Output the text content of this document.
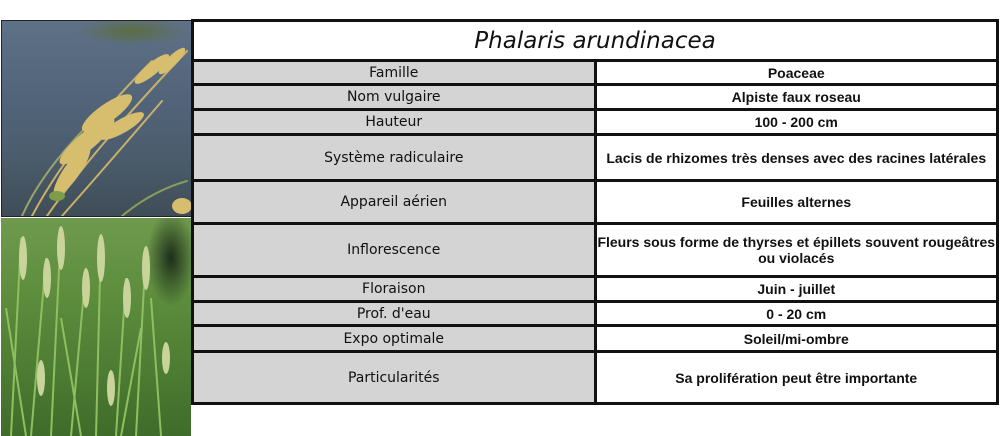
Phalaris arundinacea	
Famille	Poaceae
Nom vulgaire	Alpiste faux roseau
Hauteur	100 - 200 cm
Système radiculaire	Lacis de rhizomes très denses avec des racines latérales
Appareil aérien	Feuilles alternes
Inflorescence	Fleurs sous forme de thyrses et épillets souvent rougeâtres ou violacés
Floraison	Juin - juillet
Prof. d'eau	0 - 20 cm
Expo optimale	Soleil/mi-ombre
Particularités	Sa prolifération peut être importante
